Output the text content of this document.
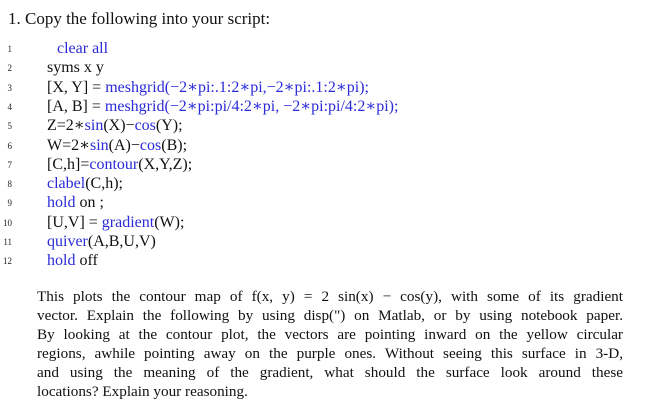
1. Copy the following into your script:
1	clear all
2 syms x y
3 [X, Y] = meshgrid(−2∗pi:.1:2∗pi,−2∗pi:.1:2∗pi);
4 [A, B] = meshgrid(−2∗pi:pi/4:2∗pi, −2∗pi:pi/4:2∗pi);
5 Z=2∗sin(X)−cos(Y);
6 W=2∗sin(A)−cos(B);
7 [C,h]=contour(X,Y,Z);
8 clabel(C,h);
9 hold on ;
10 [U,V] = gradient(W);
11 quiver(A,B,U,V)
12 hold off
This plots the contour map of f(x, y) = 2 sin(x) − cos(y), with some of its gradient
vector. Explain the following by using disp(") on Matlab, or by using notebook paper.
By looking at the contour plot, the vectors are pointing inward on the yellow circular
regions, awhile pointing away on the purple ones. Without seeing this surface in 3-D,
and using the meaning of the gradient, what should the surface look around these
locations? Explain your reasoning.
